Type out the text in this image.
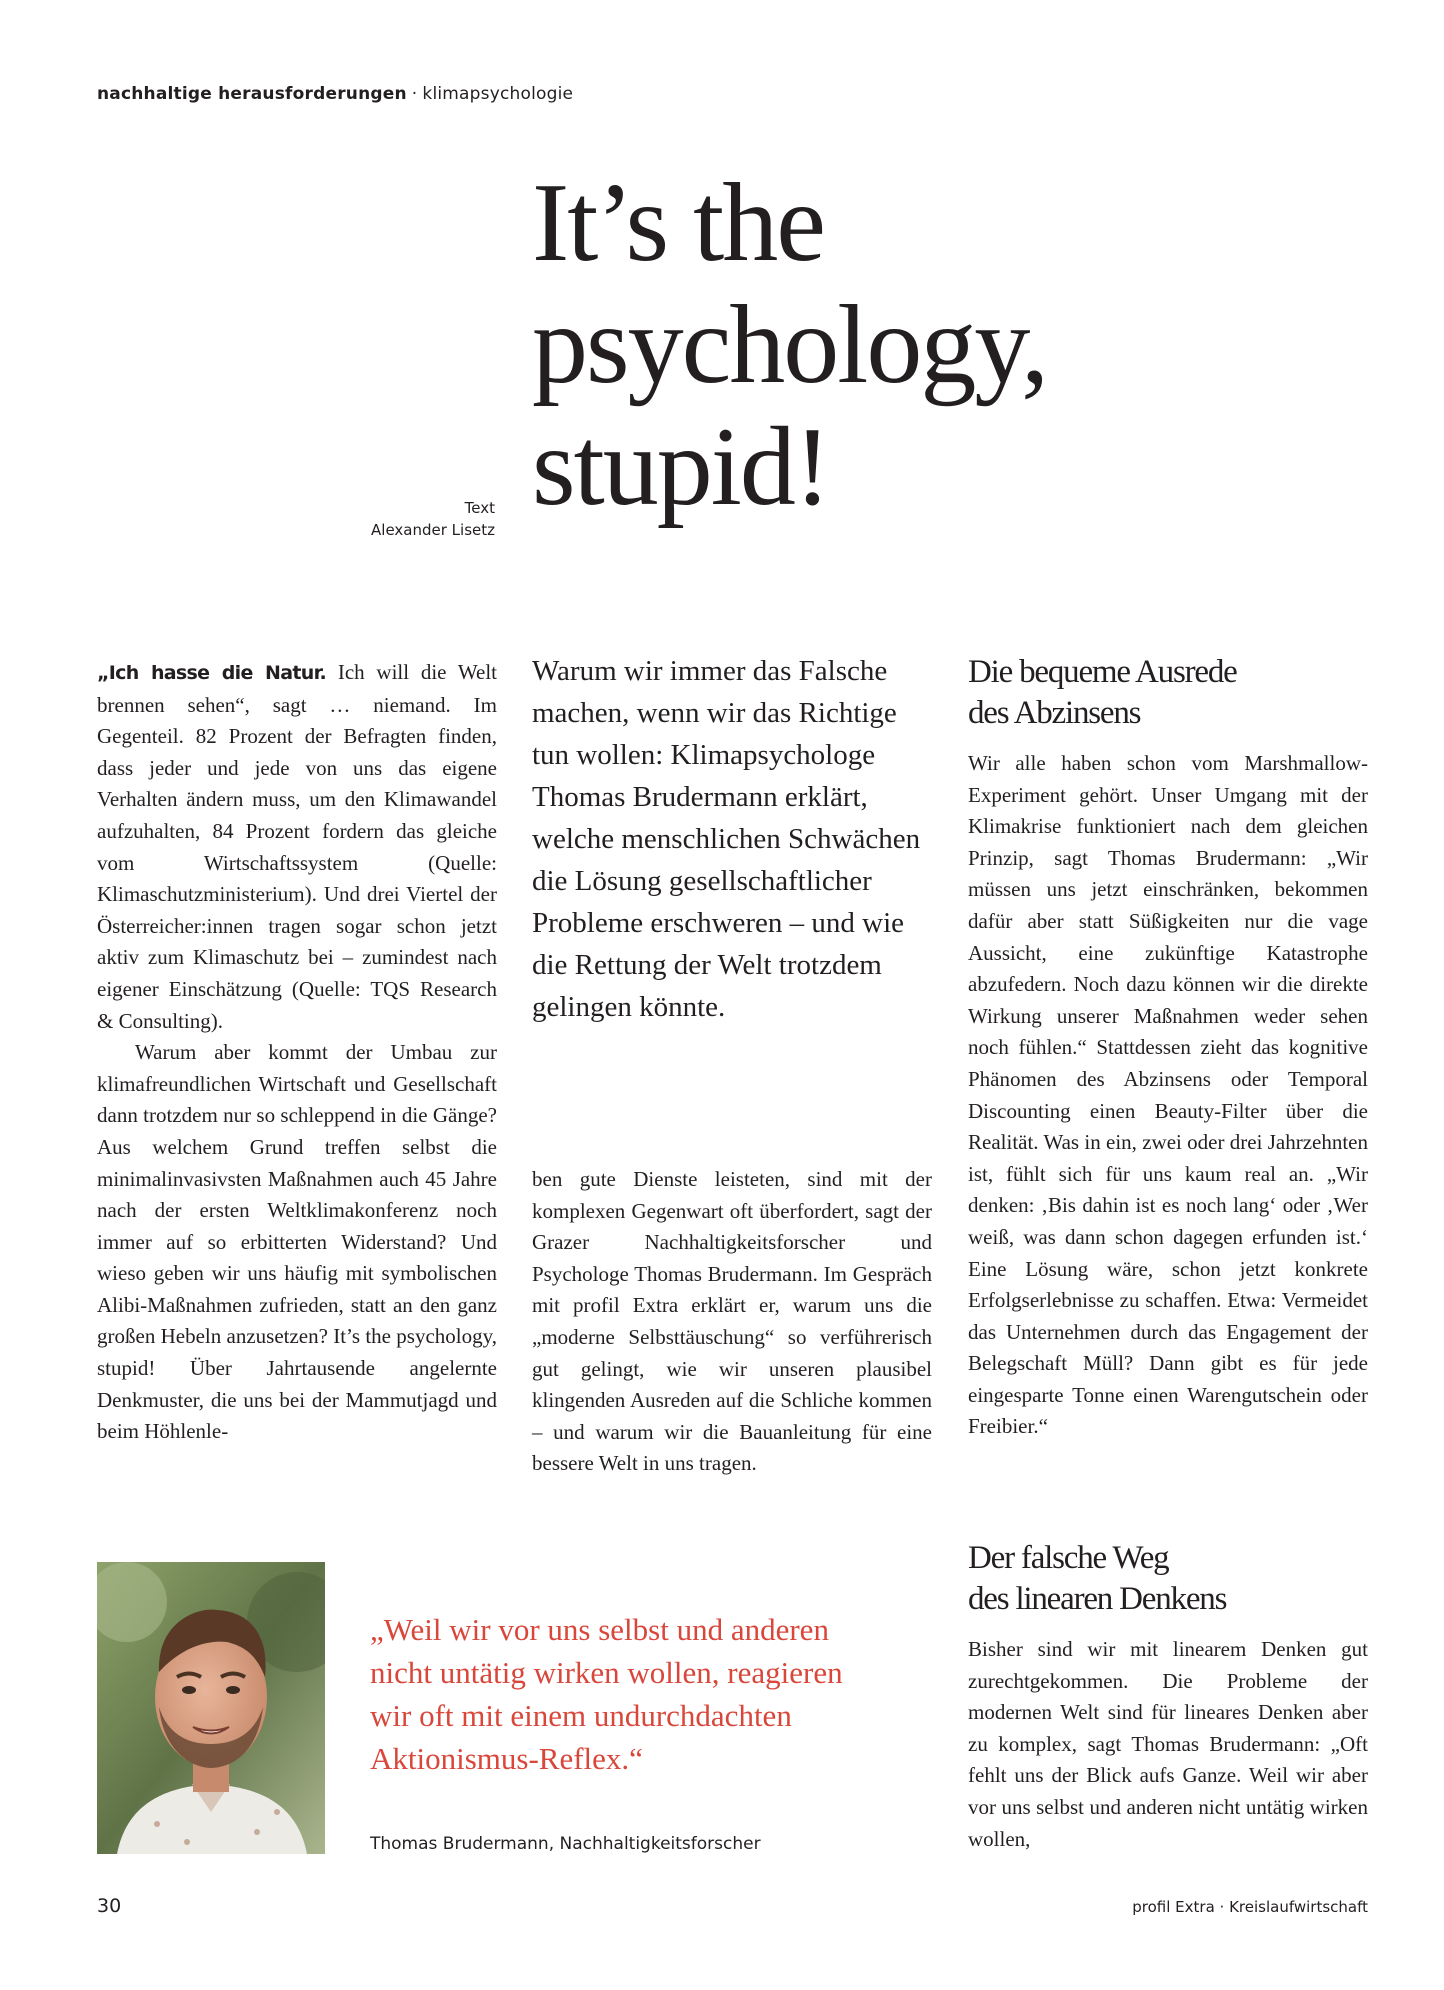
nachhaltige herausforderungen · klimapsychologie
Text
Alexander Lisetz
It’s the
psychology,
stupid!

„Ich hasse die Natur. Ich will die Welt brennen sehen“, sagt … niemand. Im Gegenteil. 82 Prozent der Befragten finden, dass jeder und jede von uns das eigene Verhalten ändern muss, um den Klimawandel aufzuhalten, 84 Prozent fordern das gleiche vom Wirtschaftssystem (Quelle: Klimaschutzministerium). Und drei Viertel der Österreicher:innen tragen sogar schon jetzt aktiv zum Klimaschutz bei – zumindest nach eigener Einschätzung (Quelle: TQS Research & Consulting).

Warum aber kommt der Umbau zur klimafreundlichen Wirtschaft und Gesellschaft dann trotzdem nur so schleppend in die Gänge? Aus welchem Grund treffen selbst die minimalinvasivsten Maßnahmen auch 45 Jahre nach der ersten Weltklimakonferenz noch immer auf so erbitterten Widerstand? Und wieso geben wir uns häufig mit symbolischen Alibi-Maßnahmen zufrieden, statt an den ganz großen Hebeln anzusetzen? It’s the psychology, stupid! Über Jahrtausende angelernte Denkmuster, die uns bei der Mammutjagd und beim Höhlenle-

Warum wir immer das Falsche machen, wenn wir das Richtige tun wollen: Klimapsychologe Thomas Brudermann erklärt, welche menschlichen Schwächen die Lösung gesellschaftlicher Probleme erschweren – und wie die Rettung der Welt trotzdem gelingen könnte.

ben gute Dienste leisteten, sind mit der komplexen Gegenwart oft überfordert, sagt der Grazer Nachhaltigkeitsforscher und Psychologe Thomas Brudermann. Im Gespräch mit profil Extra erklärt er, warum uns die „moderne Selbsttäuschung“ so verführerisch gut gelingt, wie wir unseren plausibel klingenden Ausreden auf die Schliche kommen – und warum wir die Bauanleitung für eine bessere Welt in uns tragen.

Die bequeme Ausrede
des Abzinsens

Wir alle haben schon vom Marshmallow-Experiment gehört. Unser Umgang mit der Klimakrise funktioniert nach dem gleichen Prinzip, sagt Thomas Brudermann: „Wir müssen uns jetzt einschränken, bekommen dafür aber statt Süßigkeiten nur die vage Aussicht, eine zukünftige Katastrophe abzufedern. Noch dazu können wir die direkte Wirkung unserer Maßnahmen weder sehen noch fühlen.“ Stattdessen zieht das kognitive Phänomen des Abzinsens oder Temporal Discounting einen Beauty-Filter über die Realität. Was in ein, zwei oder drei Jahrzehnten ist, fühlt sich für uns kaum real an. „Wir denken: ‚Bis dahin ist es noch lang‘ oder ‚Wer weiß, was dann schon dagegen erfunden ist.‘ Eine Lösung wäre, schon jetzt konkrete Erfolgserlebnisse zu schaffen. Etwa: Vermeidet das Unternehmen durch das Engagement der Belegschaft Müll? Dann gibt es für jede eingesparte Tonne einen Warengutschein oder Freibier.“

Der falsche Weg
des linearen Denkens

Bisher sind wir mit linearem Denken gut zurechtgekommen. Die Probleme der modernen Welt sind für lineares Denken aber zu komplex, sagt Thomas Brudermann: „Oft fehlt uns der Blick aufs Ganze. Weil wir aber vor uns selbst und anderen nicht untätig wirken wollen,

„Weil wir vor uns selbst und anderen nicht untätig wirken wollen, reagieren wir oft mit einem undurchdachten Aktionismus-Reflex.“
Thomas Brudermann, Nachhaltigkeitsforscher
30	profil Extra · Kreislaufwirtschaft
